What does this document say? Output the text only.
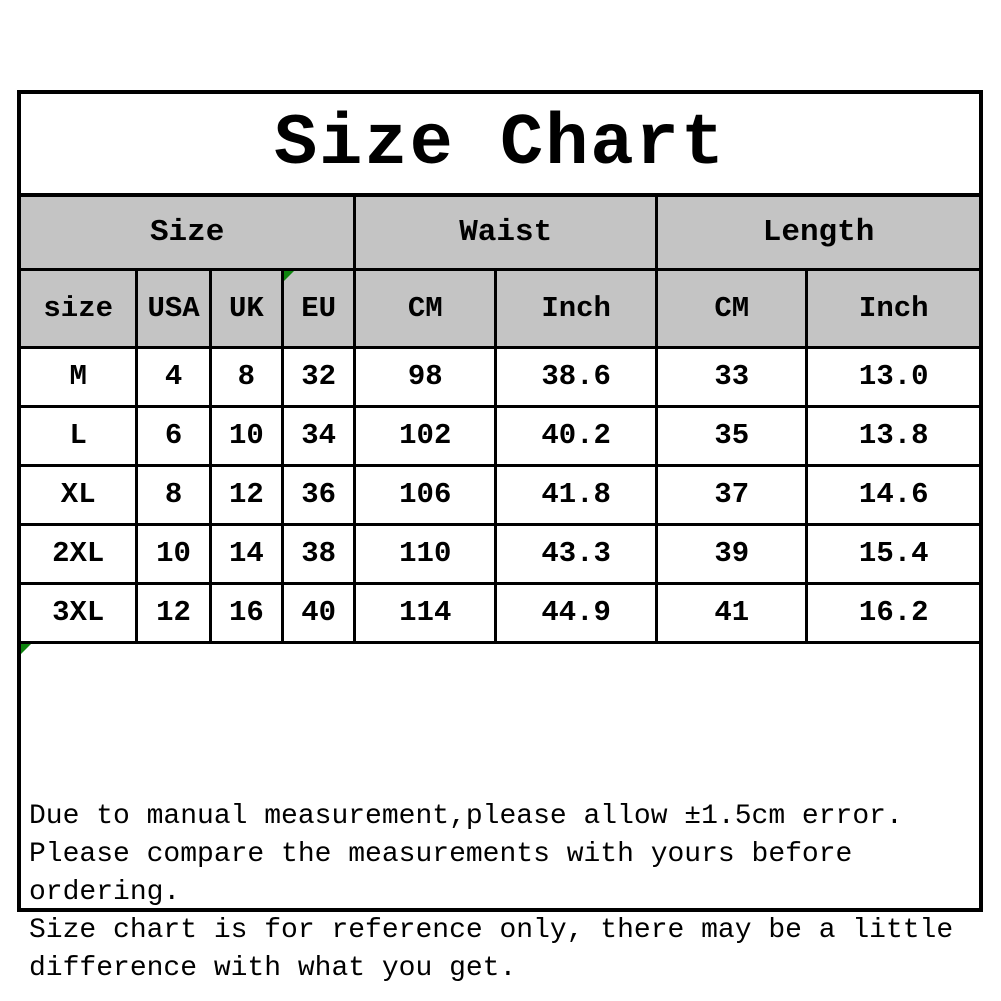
Size Chart
Size				Waist		Length	
size	USA	UK	EU	CM	Inch	CM	Inch
M	4	8	32	98	38.6	33	13.0
L	6	10	34	102	40.2	35	13.8
XL	8	12	36	106	41.8	37	14.6
2XL	10	14	38	110	43.3	39	15.4
3XL	12	16	40	114	44.9	41	16.2

Due to manual measurement,please allow ±1.5cm error.
Please compare the measurements with yours before
ordering.
Size chart is for reference only, there may be a little
difference with what you get.
